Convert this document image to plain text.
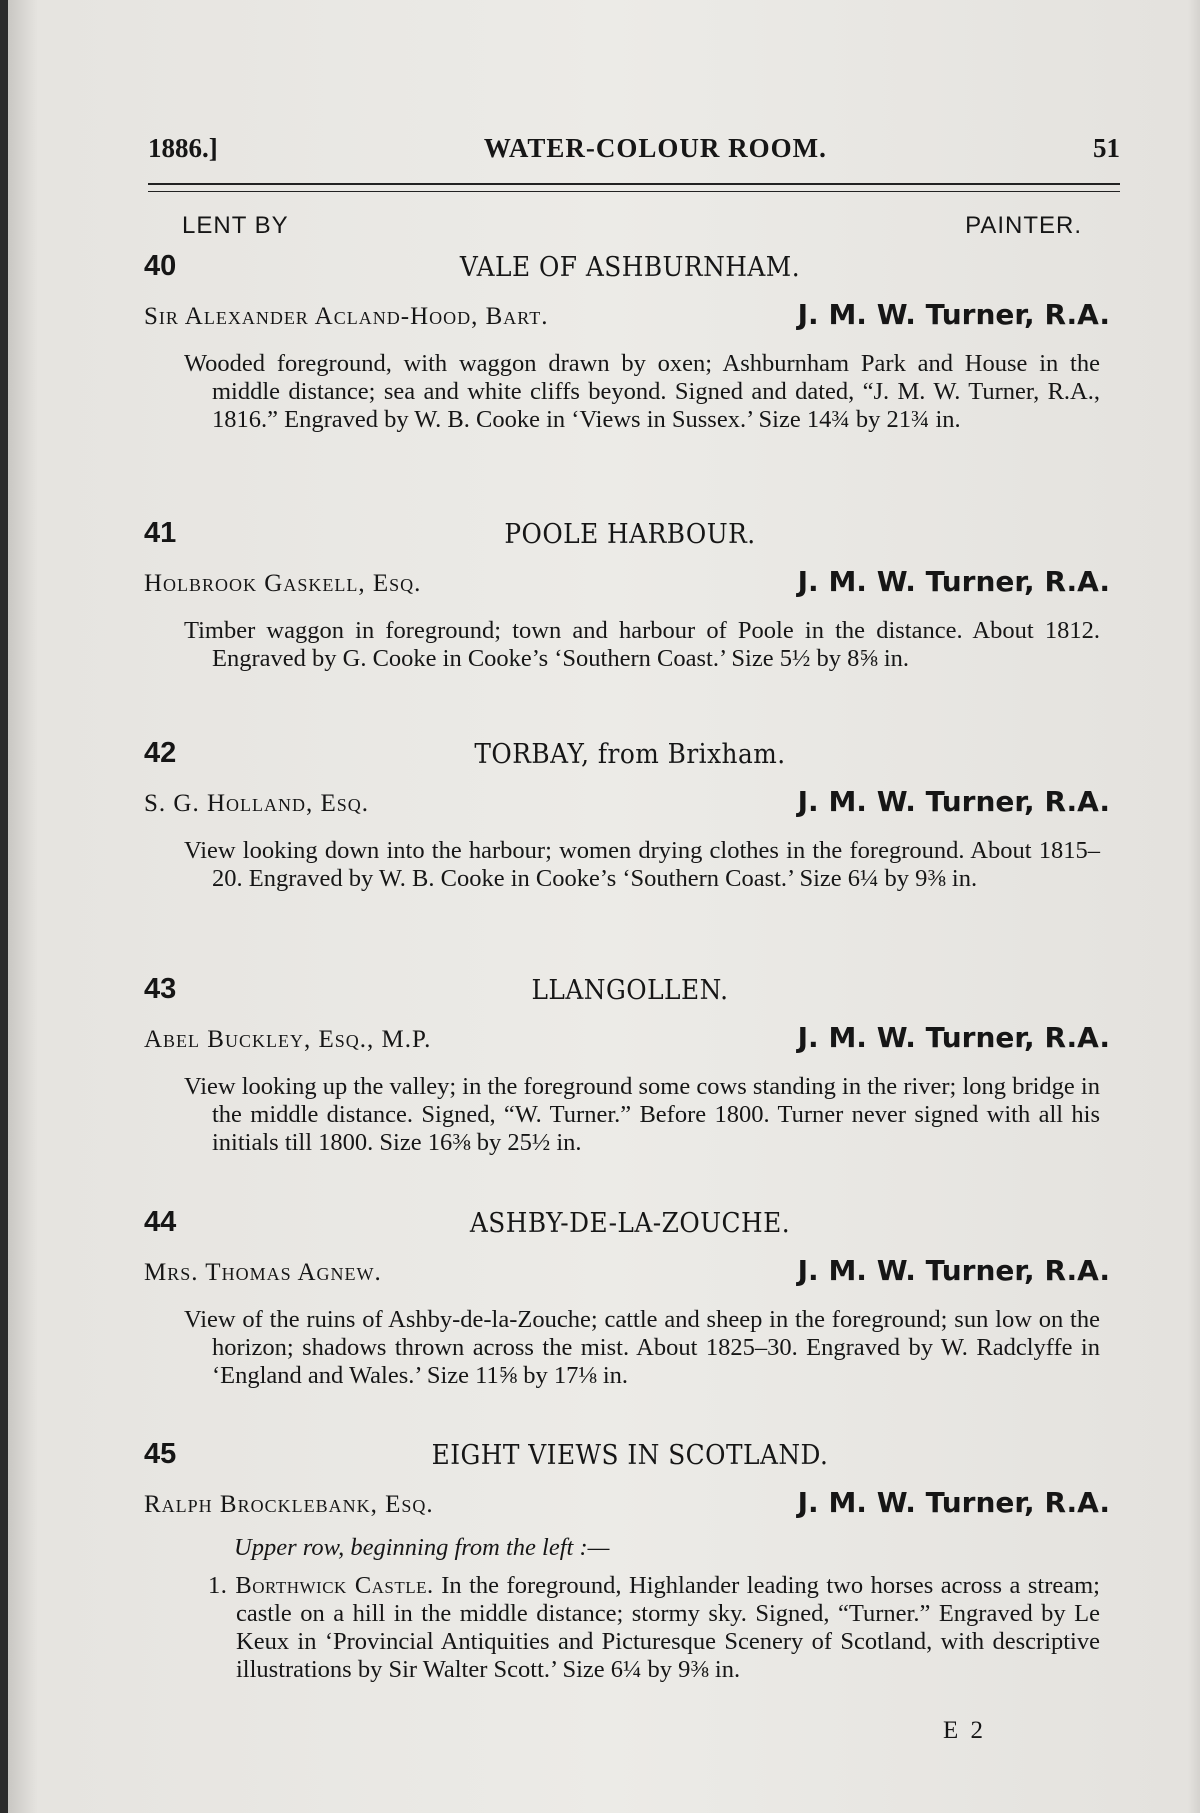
1886.]	WATER-COLOUR ROOM.	51
LENT BY	PAINTER.
40	VALE OF ASHBURNHAM.
Sir Alexander Acland-Hood, Bart.	J. M. W. Turner, R.A.
Wooded foreground, with waggon drawn by oxen; Ashburnham Park and House in the middle distance; sea and white cliffs beyond. Signed and dated, “J. M. W. Turner, R.A., 1816.” Engraved by W. B. Cooke in ‘Views in Sussex.’ Size 14¾ by 21¾ in.
41	POOLE HARBOUR.
Holbrook Gaskell, Esq.	J. M. W. Turner, R.A.
Timber waggon in foreground; town and harbour of Poole in the distance. About 1812. Engraved by G. Cooke in Cooke’s ‘Southern Coast.’ Size 5½ by 8⅝ in.
42	TORBAY, from Brixham.
S. G. Holland, Esq.	J. M. W. Turner, R.A.
View looking down into the harbour; women drying clothes in the foreground. About 1815–20. Engraved by W. B. Cooke in Cooke’s ‘Southern Coast.’ Size 6¼ by 9⅜ in.
43	LLANGOLLEN.
Abel Buckley, Esq., M.P.	J. M. W. Turner, R.A.
View looking up the valley; in the foreground some cows standing in the river; long bridge in the middle distance. Signed, “W. Turner.” Before 1800. Turner never signed with all his initials till 1800. Size 16⅜ by 25½ in.
44	ASHBY-DE-LA-ZOUCHE.
Mrs. Thomas Agnew.	J. M. W. Turner, R.A.
View of the ruins of Ashby-de-la-Zouche; cattle and sheep in the foreground; sun low on the horizon; shadows thrown across the mist. About 1825–30. Engraved by W. Radclyffe in ‘England and Wales.’ Size 11⅝ by 17⅛ in.
45	EIGHT VIEWS IN SCOTLAND.
Ralph Brocklebank, Esq.	J. M. W. Turner, R.A.
Upper row, beginning from the left :—
1. Borthwick Castle. In the foreground, Highlander leading two horses across a stream; castle on a hill in the middle distance; stormy sky. Signed, “Turner.” Engraved by Le Keux in ‘Provincial Antiquities and Picturesque Scenery of Scotland, with descriptive illustrations by Sir Walter Scott.’ Size 6¼ by 9⅜ in.
E 2
